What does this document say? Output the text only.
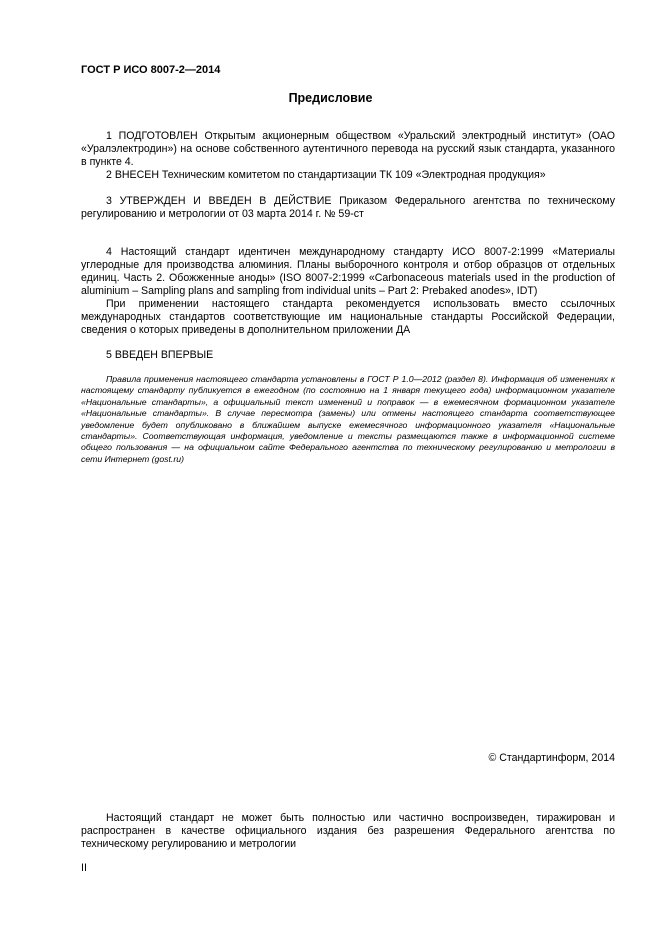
ГОСТ Р ИСО 8007-2—2014
Предисловие

1 ПОДГОТОВЛЕН Открытым акционерным обществом «Уральский электродный институт» (ОАО «Уралэлектродин») на основе собственного аутентичного перевода на русский язык стандарта, указанного в пункте 4.

2 ВНЕСЕН Техническим комитетом по стандартизации ТК 109 «Электродная продукция»

3 УТВЕРЖДЕН И ВВЕДЕН В ДЕЙСТВИЕ Приказом Федерального агентства по техническому регулированию и метрологии от 03 марта 2014 г. № 59-ст

4 Настоящий стандарт идентичен международному стандарту ИСО 8007-2:1999 «Материалы углеродные для производства алюминия. Планы выборочного контроля и отбор образцов от отдельных единиц. Часть 2. Обожженные аноды» (ISO 8007-2:1999 «Carbonaceous materials used in the production of aluminium – Sampling plans and sampling from individual units – Part 2: Prebaked anodes», IDT)

При применении настоящего стандарта рекомендуется использовать вместо ссылочных международных стандартов соответствующие им национальные стандарты Российской Федерации, сведения о которых приведены в дополнительном приложении ДА

5 ВВЕДЕН ВПЕРВЫЕ

Правила применения настоящего стандарта установлены в ГОСТ Р 1.0—2012 (раздел 8). Информация об изменениях к настоящему стандарту публикуется в ежегодном (по состоянию на 1 января текущего года) информационном указателе «Национальные стандарты», а официальный текст изменений и поправок — в ежемесячном формационном указателе «Национальные стандарты». В случае пересмотра (замены) или отмены настоящего стандарта соответствующее уведомление будет опубликовано в ближайшем выпуске ежемесячного информационного указателя «Национальные стандарты». Соответствующая информация, уведомление и тексты размещаются также в информационной системе общего пользования — на официальном сайте Федерального агентства по техническому регулированию и метрологии в сети Интернет (gost.ru)

© Стандартинформ, 2014

Настоящий стандарт не может быть полностью или частично воспроизведен, тиражирован и распространен в качестве официального издания без разрешения Федерального агентства по техническому регулированию и метрологии

II
